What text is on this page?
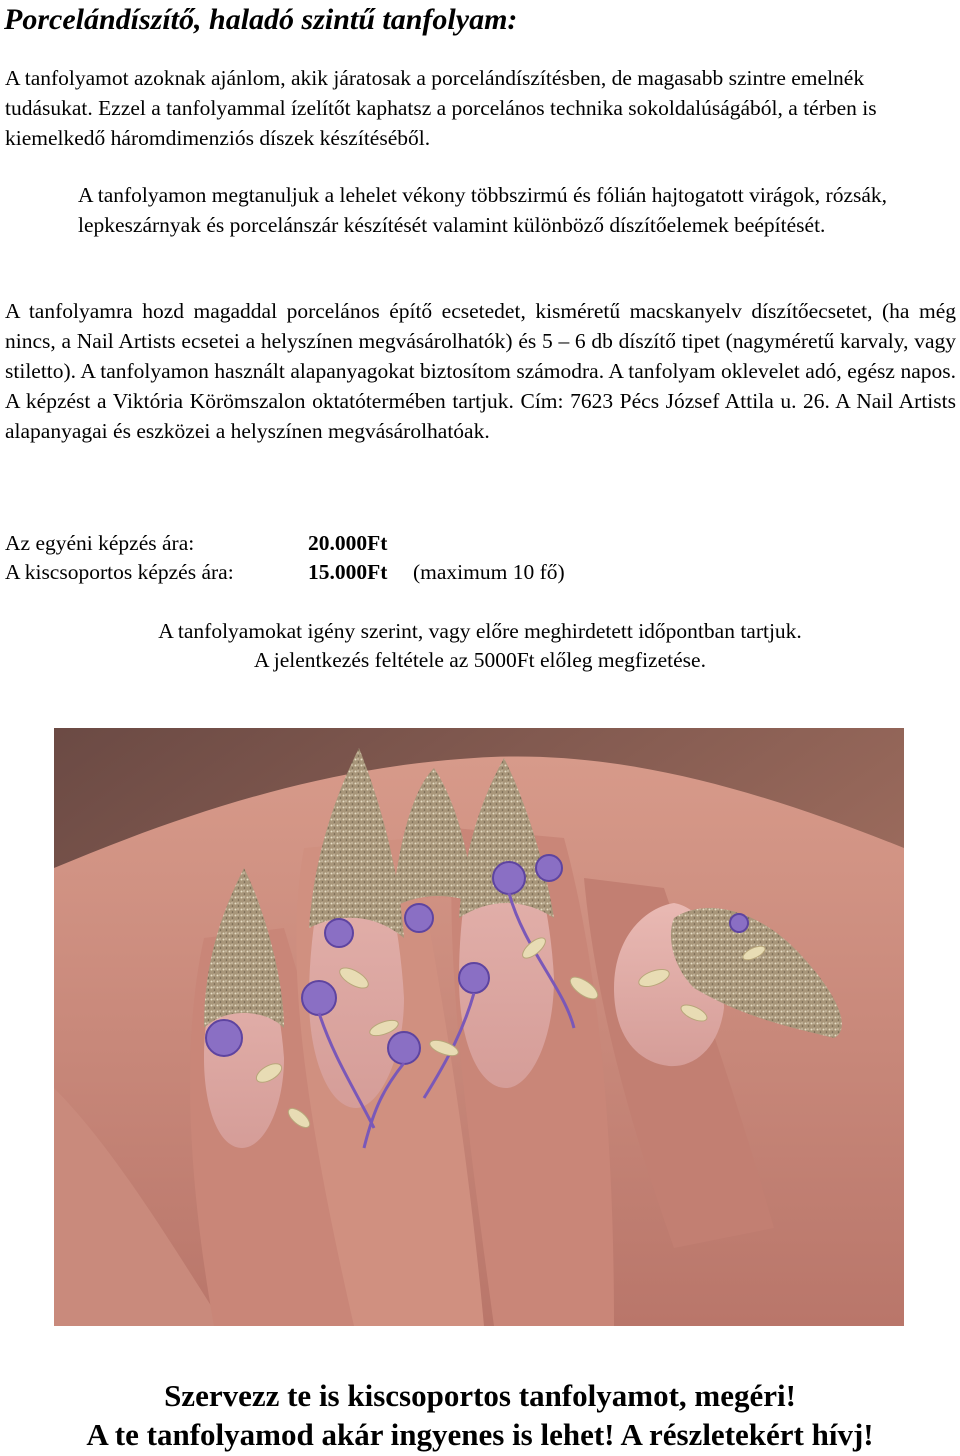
Porcelándíszítő, haladó szintű tanfolyam:

A tanfolyamot azoknak ajánlom, akik járatosak a porcelándíszítésben, de magasabb szintre emelnék tudásukat. Ezzel a tanfolyammal ízelítőt kaphatsz a porcelános technika sokoldalúságából, a térben is kiemelkedő háromdimenziós díszek készítéséből.

A tanfolyamon megtanuljuk a lehelet vékony többszirmú és fólián hajtogatott virágok, rózsák, lepkeszárnyak és porcelánszár készítését valamint különböző díszítőelemek beépítését.

A tanfolyamra hozd magaddal porcelános építő ecsetedet, kisméretű macskanyelv díszítőecsetet, (ha még nincs, a Nail Artists ecsetei a helyszínen megvásárolhatók) és 5 – 6 db díszítő tipet (nagyméretű karvaly, vagy stiletto). A tanfolyamon használt alapanyagokat biztosítom számodra. A tanfolyam oklevelet adó, egész napos. A képzést a Viktória Körömszalon oktatótermében tartjuk. Cím: 7623 Pécs József Attila u. 26. A Nail Artists alapanyagai és eszközei a helyszínen megvásárolhatóak.

Az egyéni képzés ára:	20.000Ft
A kiscsoportos képzés ára:	15.000Ft (maximum 10 fő)
A tanfolyamokat igény szerint, vagy előre meghirdetett időpontban tartjuk.
A jelentkezés feltétele az 5000Ft előleg megfizetése.
Szervezz te is kiscsoportos tanfolyamot, megéri!
A te tanfolyamod akár ingyenes is lehet! A részletekért hívj!
